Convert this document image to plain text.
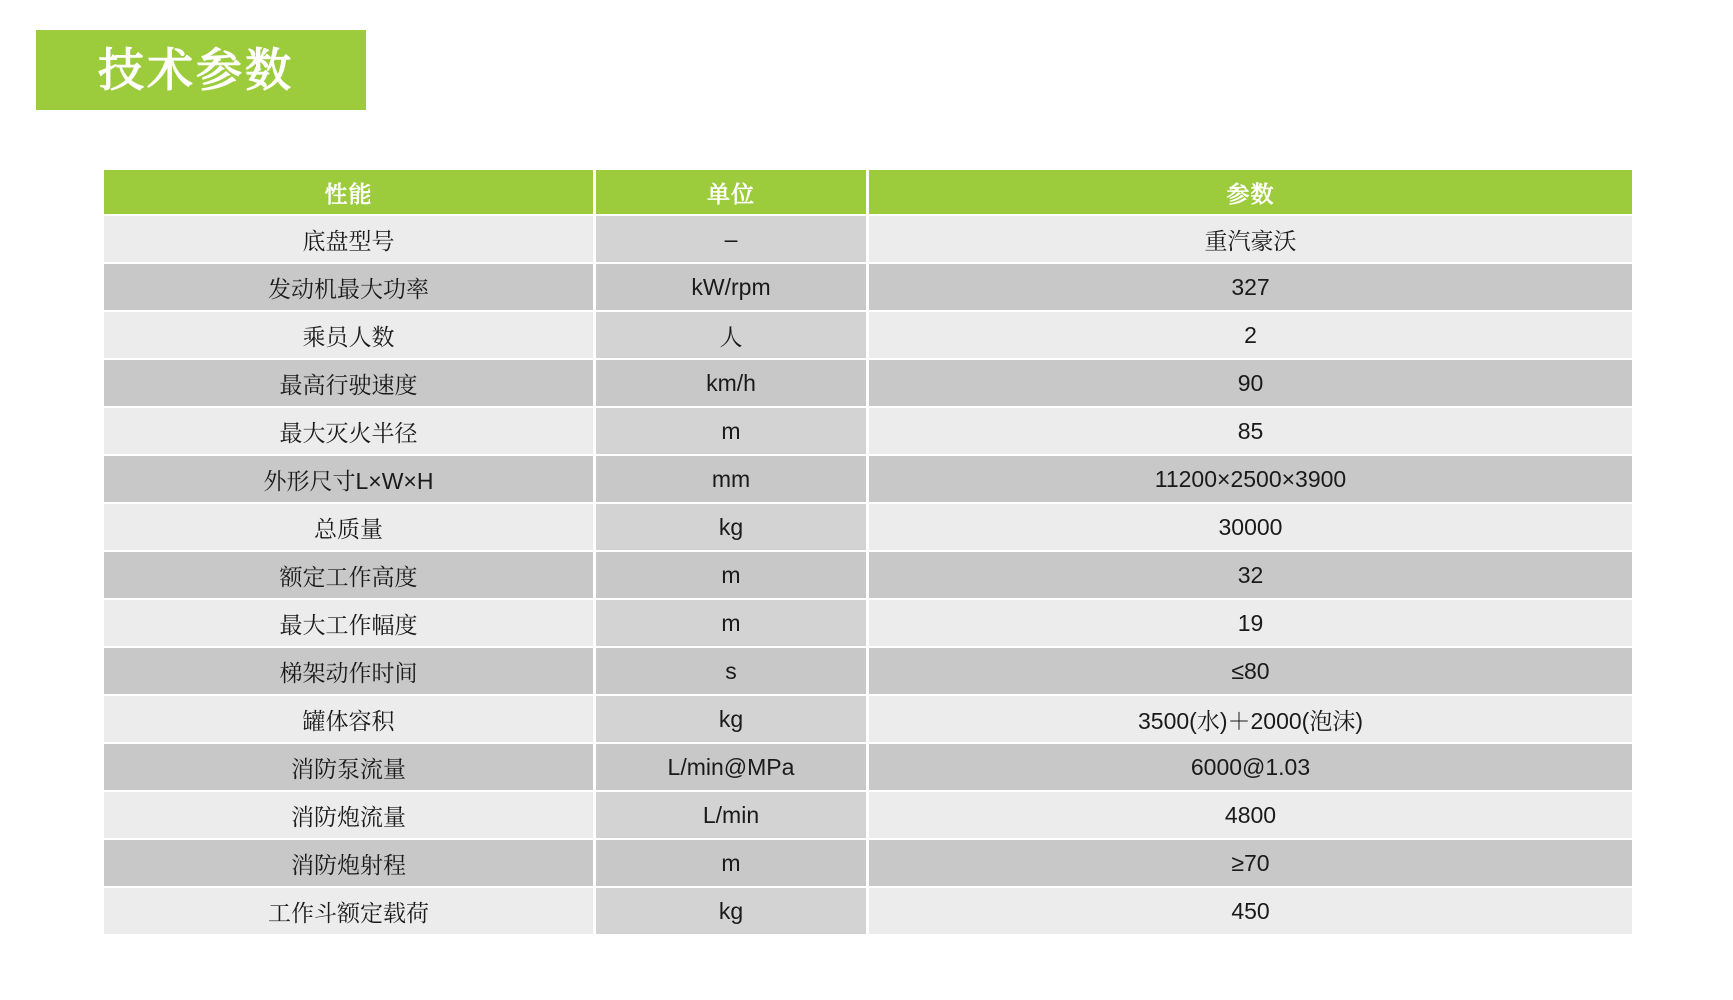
技术参数
性能	单位	参数
底盘型号	–	重汽豪沃
发动机最大功率	kW/rpm	327
乘员人数	人	2
最高行驶速度	km/h	90
最大灭火半径	m	85
外形尺寸L×W×H	mm	11200×2500×3900
总质量	kg	30000
额定工作高度	m	32
最大工作幅度	m	19
梯架动作时间	s	≤80
罐体容积	kg	3500(水)＋2000(泡沫)
消防泵流量	L/min@MPa	6000@1.03
消防炮流量	L/min	4800
消防炮射程	m	≥70
工作斗额定载荷	kg	450
